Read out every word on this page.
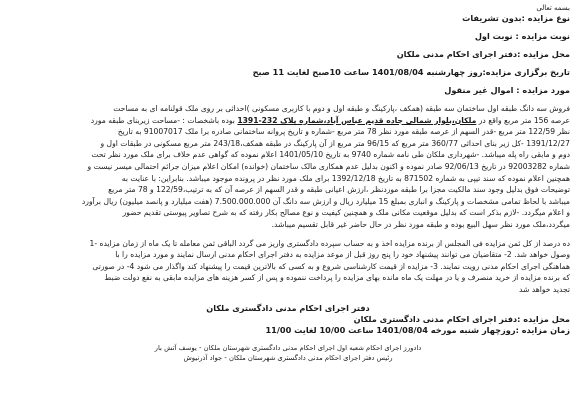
بسمه تعالی
نوع مزایده :بدون تشریفات
نوبت مزایده : نوبت اول
محل مزایده :دفتر اجرای احکام مدنی ملکان
تاریخ برگزاری مزایده:روز چهارشنبه 1401/08/04 ساعت 10صبح لغایت 11 صبح
مورد مزایده : اموال غیر منقول
فروش سه دانگ طبقه اول ساختمان سه طبقه (همکف ،پارکینگ و طبقه اول و دوم با کاربری مسکونی )احداثی بر روی ملک قولنامه ای به مساحت
عرصه 156 متر مربع واقع در ملکان،بلوار شمالی جاده قدیم عباس آباد،شماره پلاک 232-1391 بوده باشخصات : -مساحت زیربنای طبقه مورد
نظر 122/59 متر مربع -قدر السهم از عرصه طبقه مورد نظر 78 متر مربع -شماره و تاریخ پروانه ساختمانی صادره برا ملک 91007017 به تاریخ
1391/12/27 -کل زیر بنای احداثی 360/77 متر مربع که 96/15 متر مربع از آن پارکینگ در طبقه همکف،243/18 متر مربع مسکونی در طبقات اول و
دوم و مابقی راه پله میباشد. -شهرداری ملکان طی نامه شماره 9740 به تاریخ 1401/05/10 اعلام نموده که گواهی عدم خلاف برای ملک مورد نظر تحت
شماره 92003282 در تاریخ 92/06/13 صادر نموده و اکنون بدلیل عدم همکاری مالک ساختمان (خوانده) امکان اعلام میزان جرائم احتمالی میسر نیست و
همچنین اعلام نموده که سند تیپی به شماره 871502 به تاریخ 1392/12/18 برای ملک مورد نظر در پرونده موجود میباشد. بنابراین: با عنایت به
توضیحات فوق بدلیل وجود سند مالکیت مجزا برا طبقه موردنظر ،ارزش اعیانی طبقه و قدر السهم از عرصه آن که به ترتیب،122/59 و 78 متر مربع
میباشد با لحاظ تمامی مشخصات و پارکینگ و انباری بمبلغ 15 میلیارد ریال و ارزش سه دانگ آن 7.500.000.000 (هفت میلیارد و پانصد میلیون) ریال برآورد
و اعلام میگردد. -لازم بذکر است که بدلیل موقعیت مکانی ملک و همچنین کیفیت و نوع مصالح بکار رفته که به شرح تصاویر پیوستی تقدیم حضور
میگردد،ملک مورد نظر سهل البیع بوده و طبقه مورد نظر در حال حاضر غیر قابل تقسیم میباشد.
ده درصد از کل ثمن مزایده فی المجلس از برنده مزایده اخذ و به حساب سپرده دادگستری واریز می گردد الباقی ثمن معامله تا یک ماه از زمان مزایده -1
وصول خواهد شد. 2- متقاضیان می توانند پیشنهاد خود را پنج روز قبل از موعد مزایده به دفتر اجرای احکام مدنی ارسال نمایند و مورد مزایده را با
هماهنگی اجرای احکام مدنی رویت نمایند. 3- مزایده از قیمت کارشناسی شروع و به کسی که بالاترین قیمت را پیشنهاد کند واگذار می شود 4- در صورتی
که برنده مزایده از خرید منصرف و یا در مهلت یک ماه مانده بهای مزایده را پرداخت ننموده و پس از کسر هزینه های مزایده مابقی به نفع دولت ضبط
تجدید خواهد شد
دفتر اجرای احکام مدنی دادگستری ملکان
محل مزایده :دفتر اجرای احکام مدنی دادگستری ملکان
زمان مزایده :روزچهار شنبه مورخه 1401/08/04 ساعت 10/00 لغایت 11/00
دادورز اجرای احکام شعبه اول اجرای احکام مدنی دادگستری شهرستان ملکان - یوسف آتش بار
رئیس دفتر اجرای احکام مدنی دادگستری شهرستان ملکان - جواد آذرنیوش
